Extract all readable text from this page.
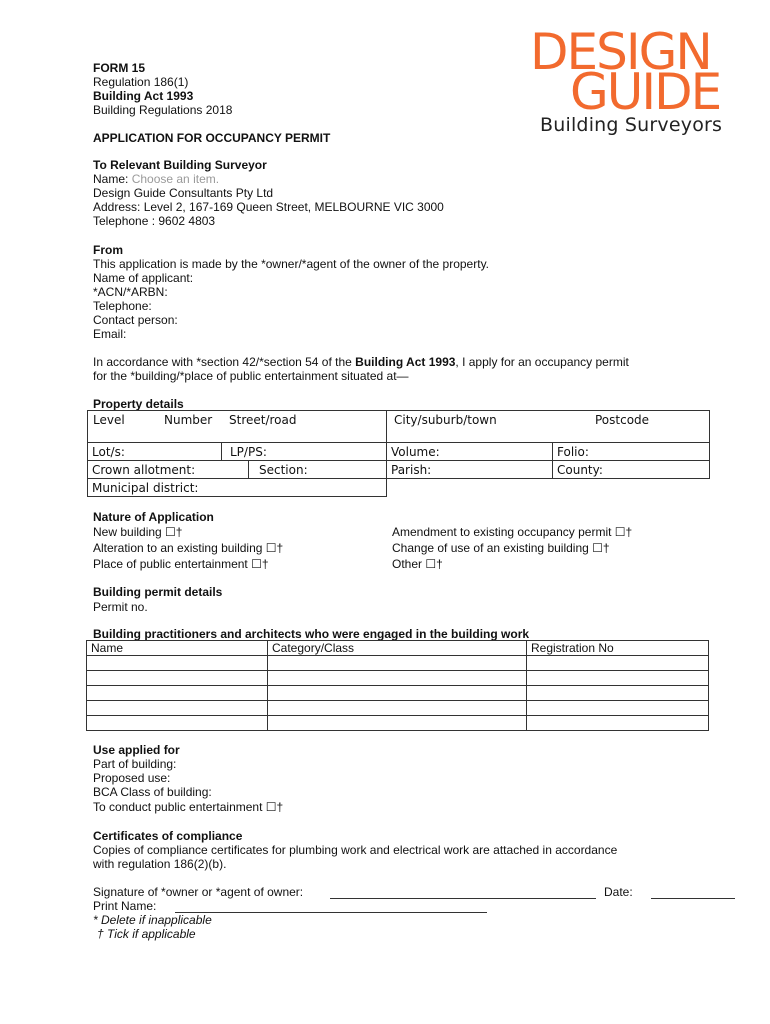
FORM 15
Regulation 186(1)
Building Act 1993
Building Regulations 2018
APPLICATION FOR OCCUPANCY PERMIT
DESIGN
GUIDE
Building Surveyors
To Relevant Building Surveyor
Name: Choose an item.
Design Guide Consultants Pty Ltd
Address: Level 2, 167-169 Queen Street, MELBOURNE VIC 3000
Telephone : 9602 4803
From
This application is made by the *owner/*agent of the owner of the property.
Name of applicant:
*ACN/*ARBN:
Telephone:
Contact person:
Email:
In accordance with *section 42/*section 54 of the Building Act 1993, I apply for an occupancy permit
for the *building/*place of public entertainment situated at—
Property details
Level	Number Street/road	City/suburb/town	Postcode
Lot/s:	LP/PS:	Volume:	Folio:
Crown allotment:	Section:	Parish:	County:
Municipal district:
Nature of Application
New building ☐†
Alteration to an existing building ☐†
Place of public entertainment ☐†
Amendment to existing occupancy permit ☐†
Change of use of an existing building ☐†
Other ☐†
Building permit details
Permit no.
Building practitioners and architects who were engaged in the building work
Name	Category/Class	Registration No

Use applied for
Part of building:
Proposed use:
BCA Class of building:
To conduct public entertainment ☐†
Certificates of compliance
Copies of compliance certificates for plumbing work and electrical work are attached in accordance
with regulation 186(2)(b).
Signature of *owner or *agent of owner:	Date:
Print Name:
* Delete if inapplicable
† Tick if applicable
